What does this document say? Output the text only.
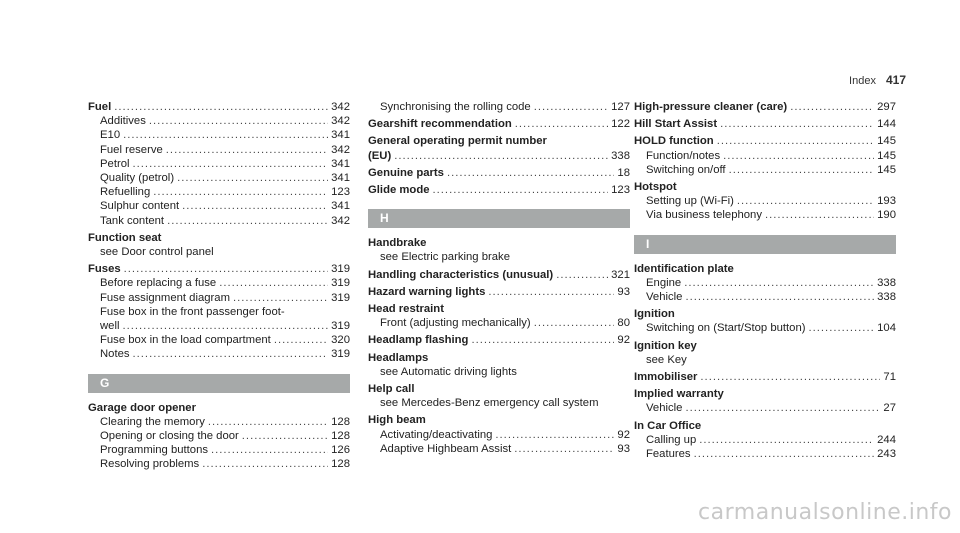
Index 417
Fuel .....	342
Additives .....	342
E10 .....	341
Fuel reserve .....	342
Petrol .....	341
Quality (petrol) .....	341
Refuelling .....	123
Sulphur content .....	341
Tank content .....	342
Function seat
see Door control panel
Fuses .....	319
Before replacing a fuse .....	319
Fuse assignment diagram .....	319
Fuse box in the front passenger foot-
well .....	319
Fuse box in the load compartment .....	320
Notes .....	319
G
Garage door opener
Clearing the memory .....	128
Opening or closing the door .....	128
Programming buttons .....	126
Resolving problems .....	128
Synchronising the rolling code .....	127
Gearshift recommendation .....	122
General operating permit number
(EU) .....	338
Genuine parts .....	18
Glide mode .....	123
H
Handbrake
see Electric parking brake
Handling characteristics (unusual) .....	321
Hazard warning lights .....	93
Head restraint
Front (adjusting mechanically) .....	80
Headlamp flashing .....	92
Headlamps
see Automatic driving lights
Help call
see Mercedes-Benz emergency call system
High beam
Activating/deactivating .....	92
Adaptive Highbeam Assist .....	93
High-pressure cleaner (care) .....	297
Hill Start Assist .....	144
HOLD function .....	145
Function/notes .....	145
Switching on/off .....	145
Hotspot
Setting up (Wi-Fi) .....	193
Via business telephony .....	190
I
Identification plate
Engine .....	338
Vehicle .....	338
Ignition
Switching on (Start/Stop button) .....	104
Ignition key
see Key
Immobiliser .....	71
Implied warranty
Vehicle .....	27
In Car Office
Calling up .....	244
Features .....	243
carmanualsonline.info
